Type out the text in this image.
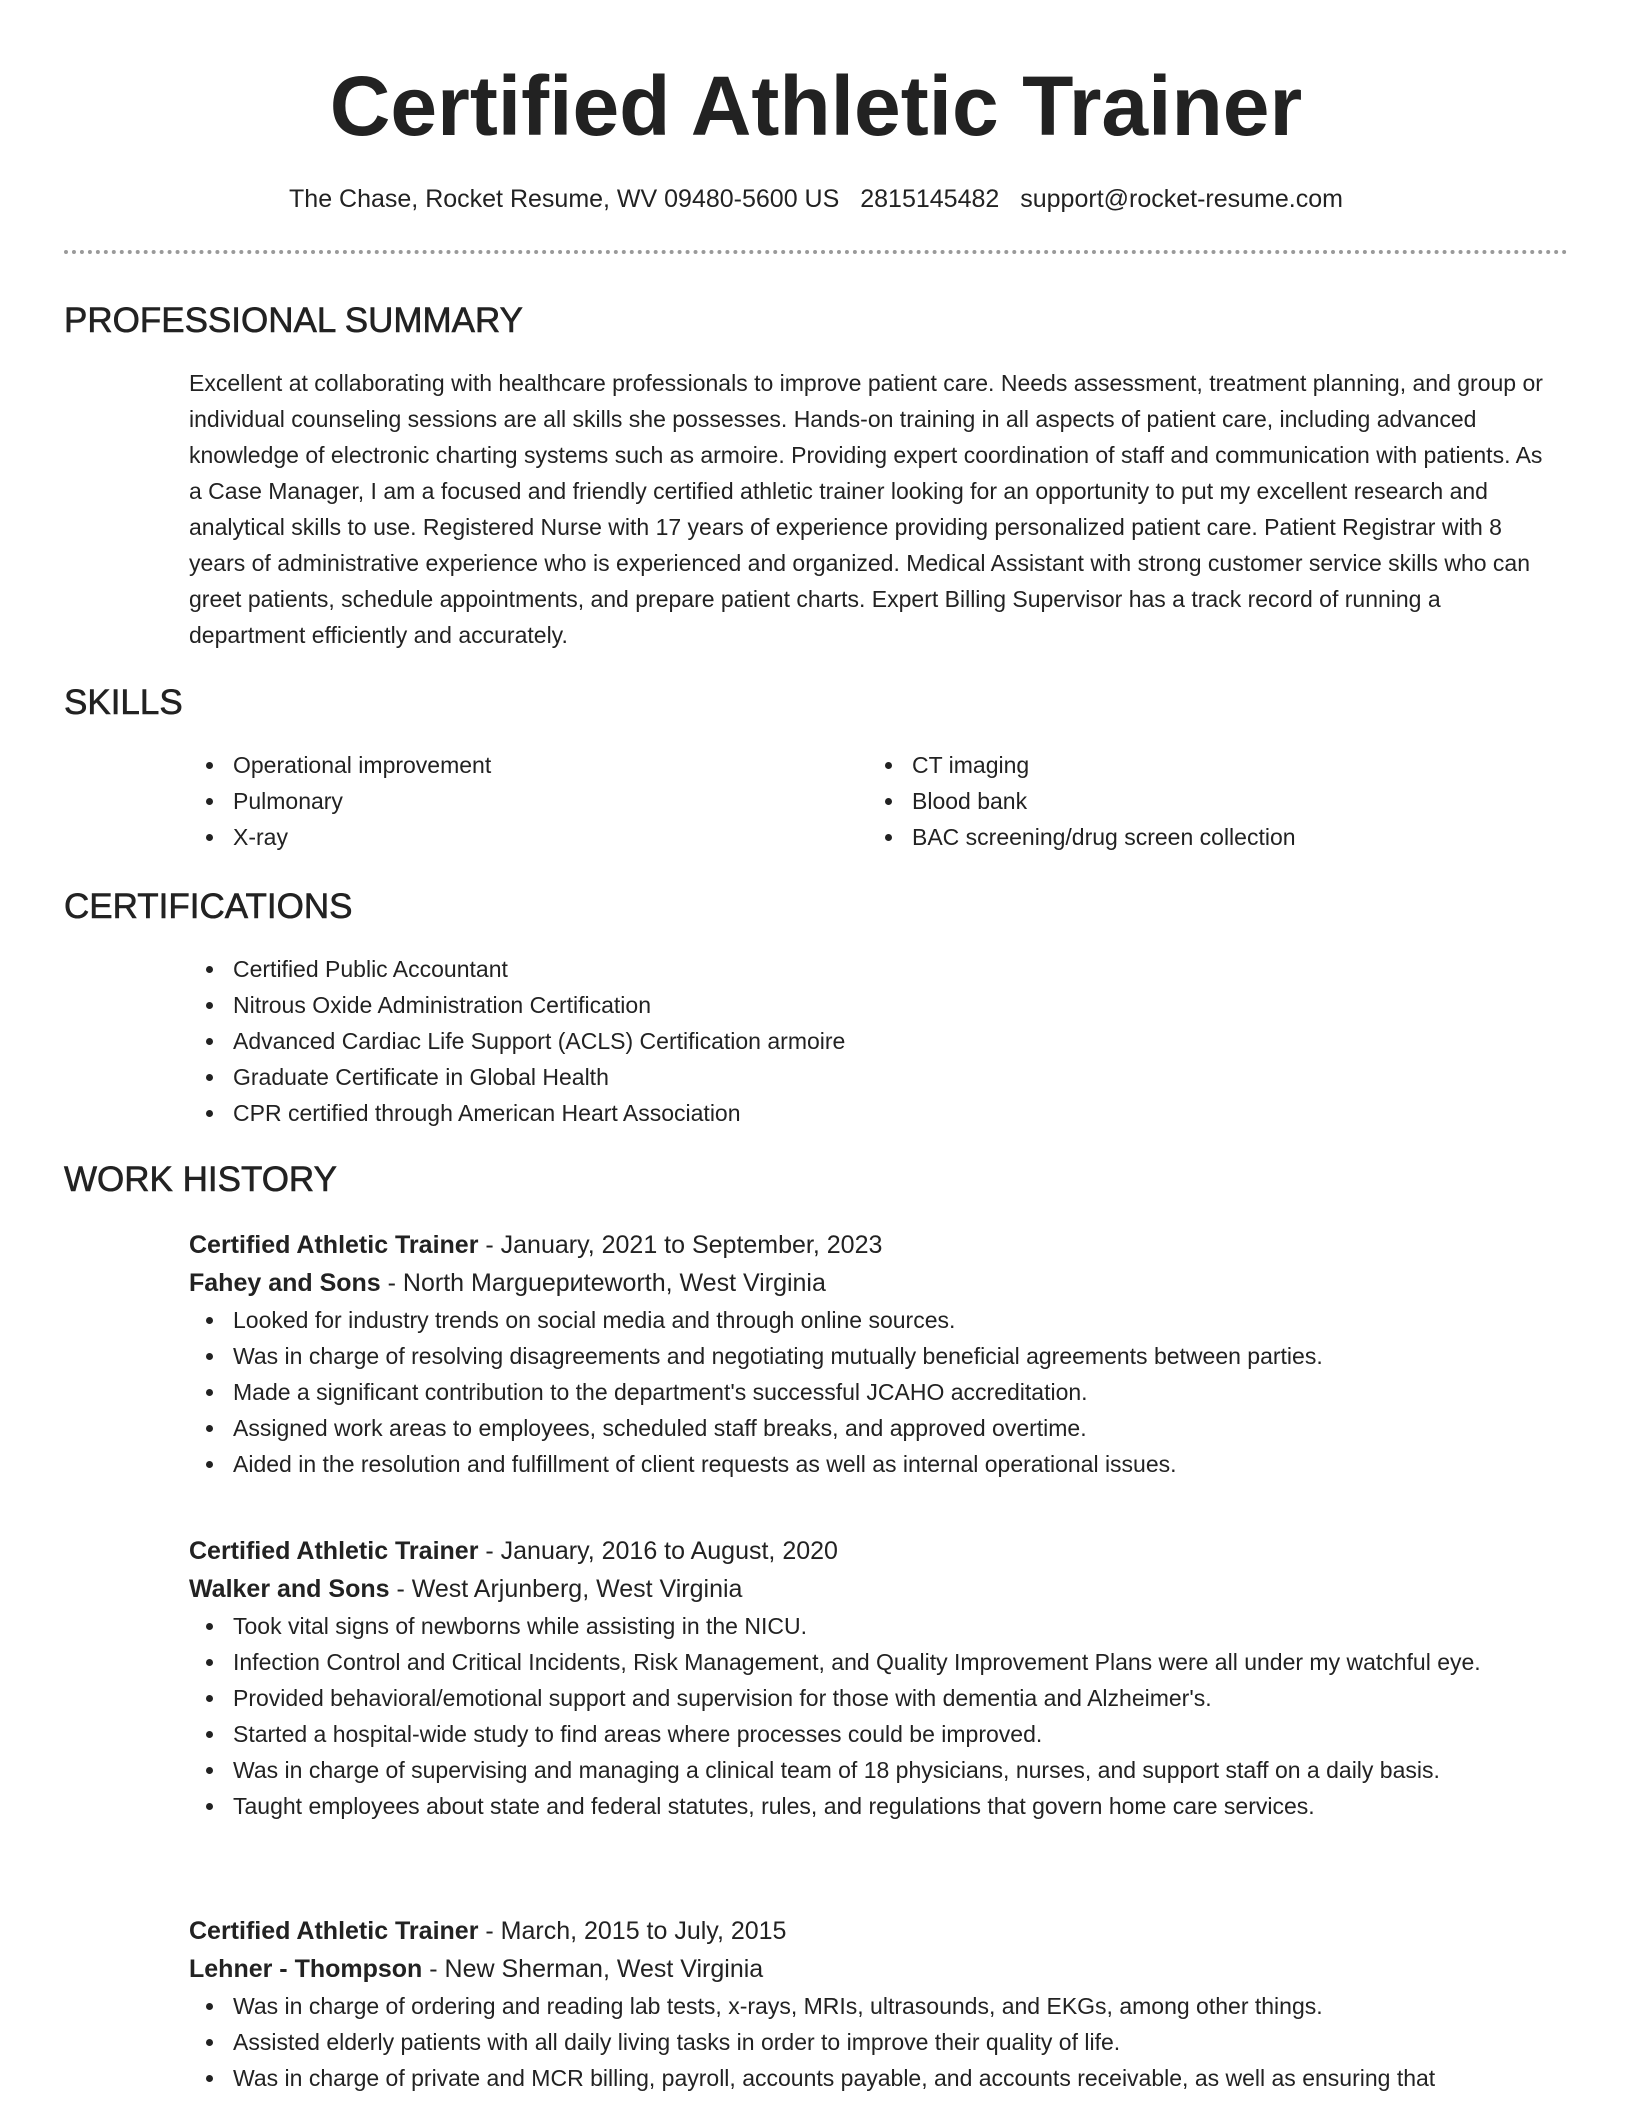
Certified Athletic Trainer
The Chase, Rocket Resume, WV 09480-5600 US 2815145482 support@rocket-resume.com
PROFESSIONAL SUMMARY

Excellent at collaborating with healthcare professionals to improve patient care. Needs assessment, treatment planning, and group or individual counseling sessions are all skills she possesses. Hands-on training in all aspects of patient care, including advanced knowledge of electronic charting systems such as armoire. Providing expert coordination of staff and communication with patients. As a Case Manager, I am a focused and friendly certified athletic trainer looking for an opportunity to put my excellent research and analytical skills to use. Registered Nurse with 17 years of experience providing personalized patient care. Patient Registrar with 8 years of administrative experience who is experienced and organized. Medical Assistant with strong customer service skills who can greet patients, schedule appointments, and prepare patient charts. Expert Billing Supervisor has a track record of running a department efficiently and accurately.

SKILLS
Operational improvement
Pulmonary
X-ray
CT imaging
Blood bank
BAC screening/drug screen collection
CERTIFICATIONS
Certified Public Accountant
Nitrous Oxide Administration Certification
Advanced Cardiac Life Support (ACLS) Certification armoire
Graduate Certificate in Global Health
CPR certified through American Heart Association
WORK HISTORY
Certified Athletic Trainer - January, 2021 to September, 2023
Fahey and Sons - North Marguериteworth, West Virginia
Looked for industry trends on social media and through online sources.
Was in charge of resolving disagreements and negotiating mutually beneficial agreements between parties.
Made a significant contribution to the department's successful JCAHO accreditation.
Assigned work areas to employees, scheduled staff breaks, and approved overtime.
Aided in the resolution and fulfillment of client requests as well as internal operational issues.
Certified Athletic Trainer - January, 2016 to August, 2020
Walker and Sons - West Arjunberg, West Virginia
Took vital signs of newborns while assisting in the NICU.
Infection Control and Critical Incidents, Risk Management, and Quality Improvement Plans were all under my watchful eye.
Provided behavioral/emotional support and supervision for those with dementia and Alzheimer's.
Started a hospital-wide study to find areas where processes could be improved.
Was in charge of supervising and managing a clinical team of 18 physicians, nurses, and support staff on a daily basis.
Taught employees about state and federal statutes, rules, and regulations that govern home care services.
Certified Athletic Trainer - March, 2015 to July, 2015
Lehner - Thompson - New Sherman, West Virginia
Was in charge of ordering and reading lab tests, x-rays, MRIs, ultrasounds, and EKGs, among other things.
Assisted elderly patients with all daily living tasks in order to improve their quality of life.
Was in charge of private and MCR billing, payroll, accounts payable, and accounts receivable, as well as ensuring that
